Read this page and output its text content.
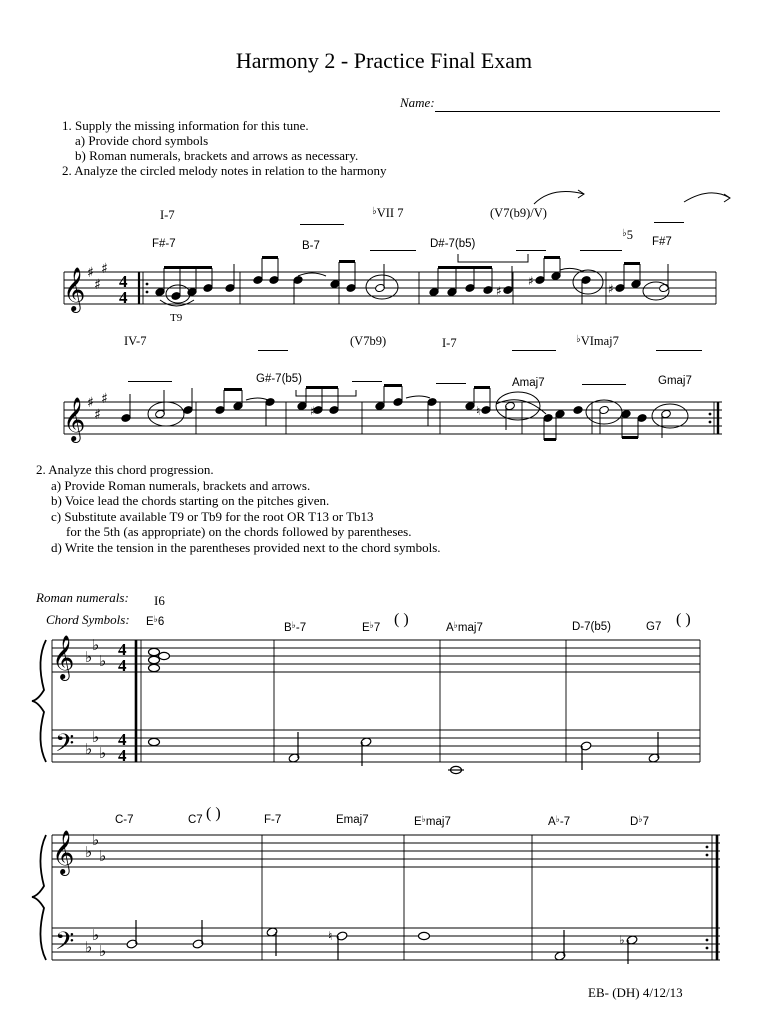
Harmony 2 - Practice Final Exam
Name:
1. Supply the missing information for this tune.
a) Provide chord symbols
b) Roman numerals, brackets and arrows as necessary.
2. Analyze the circled melody notes in relation to the harmony
I-7	♭VII 7	(V7(b9)/V)
♭5
F#-7	B-7	D#-7(b5)	F#7
T9
IV-7	(V7b9)	I-7	♭VImaj7
G#-7(b5)	Amaj7	Gmaj7
2. Analyze this chord progression.
a) Provide Roman numerals, brackets and arrows.
b) Voice lead the chords starting on the pitches given.
c) Substitute available T9 or Tb9 for the root OR T13 or Tb13
for the 5th (as appropriate) on the chords followed by parentheses.
d) Write the tension in the parentheses provided next to the chord symbols.
Roman numerals: I6
Chord Symbols: E♭6	B♭-7	E♭7 ( )	A♭maj7	D-7(b5)	G7 ( )
C-7	C7 ( )	F-7	Emaj7	E♭maj7	A♭-7	D♭7
EB- (DH) 4/12/13
𝄞 ♯
♯
♯
4
4	♯
♯
♯
𝄞 ♯
♯
♯
♯	♮
𝄞
𝄢
♭
♭
♭
♭
♭
♭
4
4
4
4
𝄞
𝄢
♭
♭
♭
♭
♭
♭
♮	♭
